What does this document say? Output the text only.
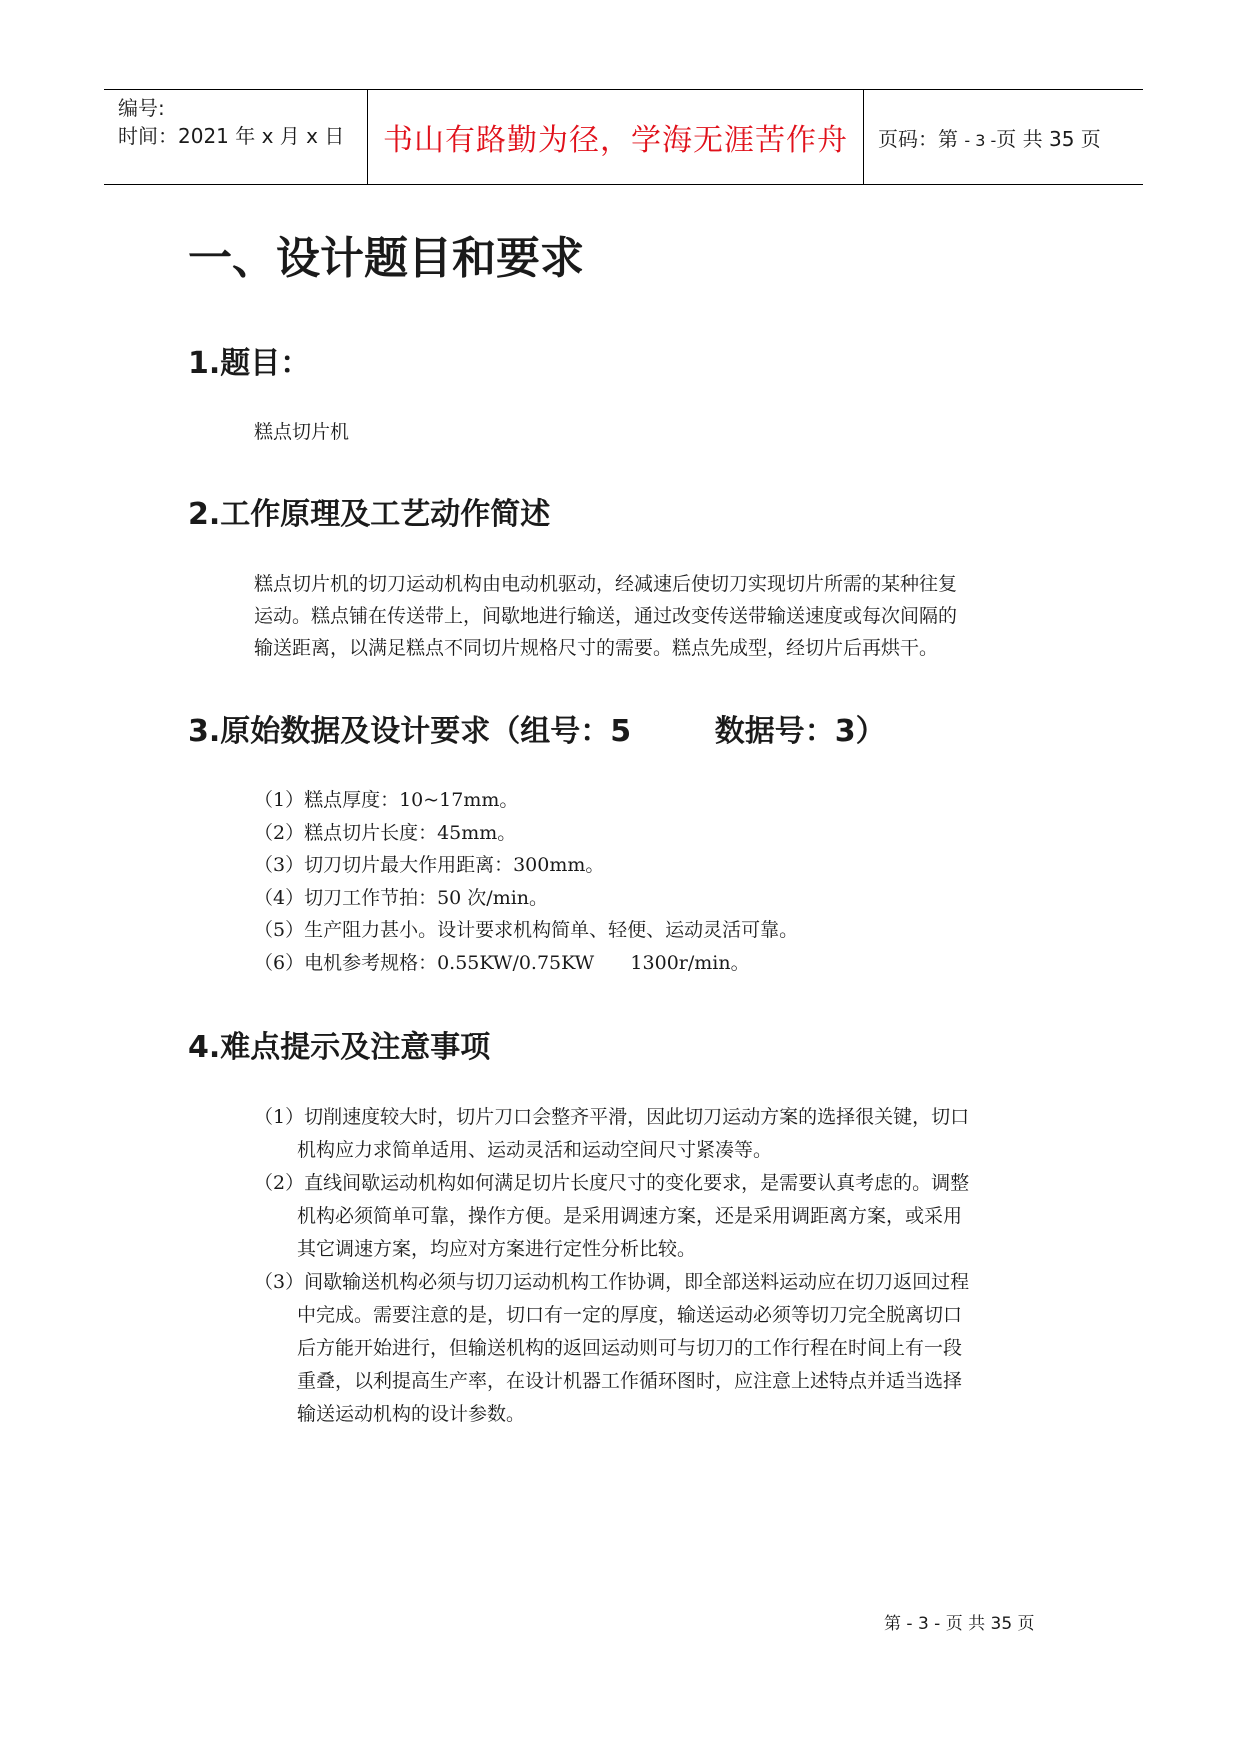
编号:
时间：2021 年 x 月 x 日 书山有路勤为径，学海无涯苦作舟 页码：第 - 3 -页 共 35 页
一、设计题目和要求
1.题目：
糕点切片机
2.工作原理及工艺动作简述
糕点切片机的切刀运动机构由电动机驱动，经减速后使切刀实现切片所需的某种往复
运动。糕点铺在传送带上，间歇地进行输送，通过改变传送带输送速度或每次间隔的
输送距离，以满足糕点不同切片规格尺寸的需要。糕点先成型，经切片后再烘干。
3.原始数据及设计要求（组号：5        数据号：3）
（1）糕点厚度：10~17mm。
（2）糕点切片长度：45mm。
（3）切刀切片最大作用距离：300mm。
（4）切刀工作节拍：50 次/min。
（5）生产阻力甚小。设计要求机构简单、轻便、运动灵活可靠。
（6）电机参考规格：0.55KW/0.75KW      1300r/min。
4.难点提示及注意事项
（1）切削速度较大时，切片刀口会整齐平滑，因此切刀运动方案的选择很关键，切口
机构应力求简单适用、运动灵活和运动空间尺寸紧凑等。
（2）直线间歇运动机构如何满足切片长度尺寸的变化要求，是需要认真考虑的。调整
机构必须简单可靠，操作方便。是采用调速方案，还是采用调距离方案，或采用
其它调速方案，均应对方案进行定性分析比较。
（3）间歇输送机构必须与切刀运动机构工作协调，即全部送料运动应在切刀返回过程
中完成。需要注意的是，切口有一定的厚度，输送运动必须等切刀完全脱离切口
后方能开始进行，但输送机构的返回运动则可与切刀的工作行程在时间上有一段
重叠，以利提高生产率，在设计机器工作循环图时，应注意上述特点并适当选择
输送运动机构的设计参数。
第 - 3 - 页 共 35 页
